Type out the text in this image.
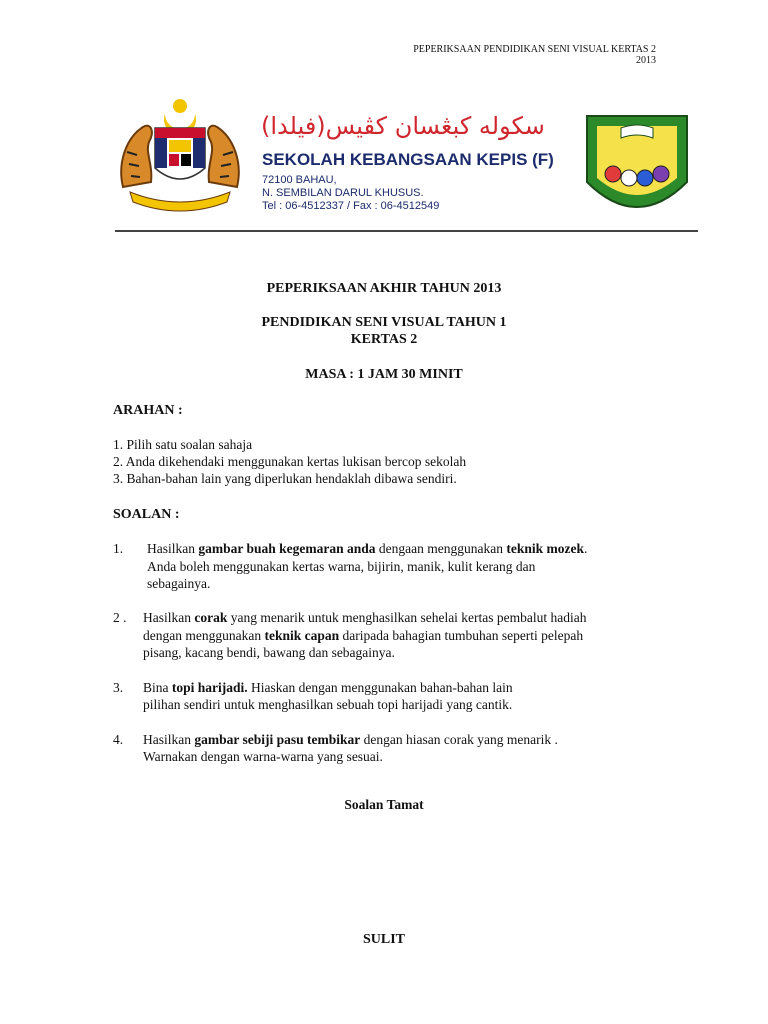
PEPERIKSAAN PENDIDIKAN SENI VISUAL KERTAS 2
2013
سكوله كبڠسان كڤيس(فيلدا)
SEKOLAH KEBANGSAAN KEPIS (F)
72100 BAHAU,
N. SEMBILAN DARUL KHUSUS.
Tel : 06-4512337 / Fax : 06-4512549
PEPERIKSAAN AKHIR TAHUN 2013
PENDIDIKAN SENI VISUAL TAHUN 1
KERTAS 2
MASA : 1 JAM 30 MINIT
ARAHAN :
1. Pilih satu soalan sahaja
2. Anda dikehendaki menggunakan kertas lukisan bercop sekolah
3. Bahan-bahan lain yang diperlukan hendaklah dibawa sendiri.
SOALAN :
1. Hasilkan gambar buah kegemaran anda dengaan menggunakan teknik mozek.
Anda boleh menggunakan kertas warna, bijirin, manik, kulit kerang dan
sebagainya.
2 . Hasilkan corak yang menarik untuk menghasilkan sehelai kertas pembalut hadiah
dengan menggunakan teknik capan daripada bahagian tumbuhan seperti pelepah
pisang, kacang bendi, bawang dan sebagainya.
3. Bina topi harijadi. Hiaskan dengan menggunakan bahan-bahan lain
pilihan sendiri untuk menghasilkan sebuah topi harijadi yang cantik.
4. Hasilkan gambar sebiji pasu tembikar dengan hiasan corak yang menarik .
Warnakan dengan warna-warna yang sesuai.
Soalan Tamat
SULIT
